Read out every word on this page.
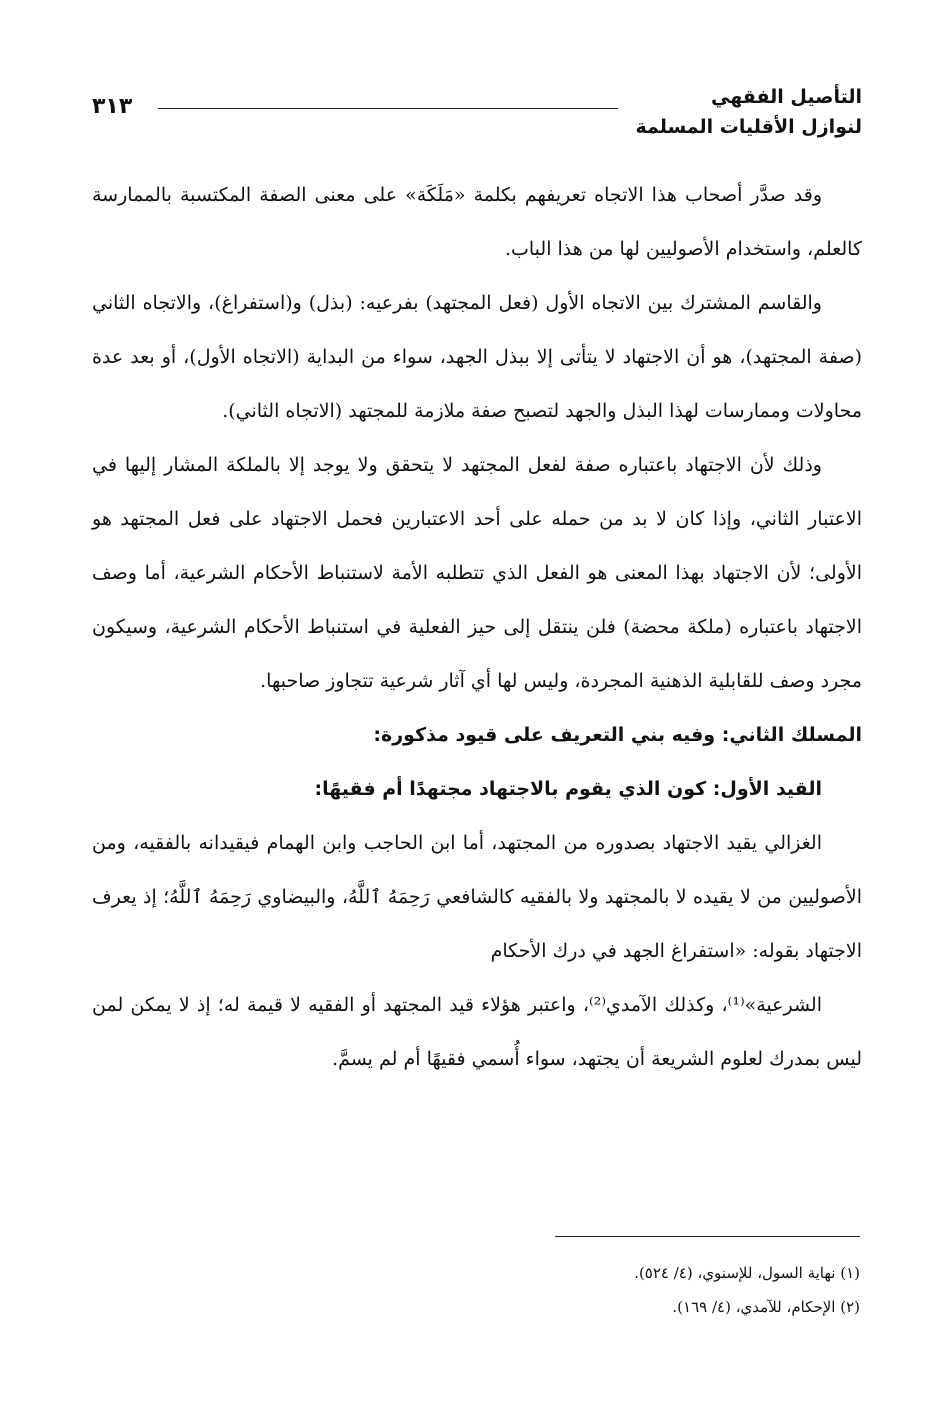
٣١٣	التأصيل الفقهي
لنوازل الأقليات المسلمة

وقد صدَّر أصحاب هذا الاتجاه تعريفهم بكلمة «مَلَكَة» على معنى الصفة المكتسبة بالممارسة كالعلم، واستخدام الأصوليين لها من هذا الباب.

والقاسم المشترك بين الاتجاه الأول (فعل المجتهد) بفرعيه: (بذل) و(استفراغ)، والاتجاه الثاني (صفة المجتهد)، هو أن الاجتهاد لا يتأتى إلا ببذل الجهد، سواء من البداية (الاتجاه الأول)، أو بعد عدة محاولات وممارسات لهذا البذل والجهد لتصبح صفة ملازمة للمجتهد (الاتجاه الثاني).

وذلك لأن الاجتهاد باعتباره صفة لفعل المجتهد لا يتحقق ولا يوجد إلا بالملكة المشار إليها في الاعتبار الثاني، وإذا كان لا بد من حمله على أحد الاعتبارين فحمل الاجتهاد على فعل المجتهد هو الأولى؛ لأن الاجتهاد بهذا المعنى هو الفعل الذي تتطلبه الأمة لاستنباط الأحكام الشرعية، أما وصف الاجتهاد باعتباره (ملكة محضة) فلن ينتقل إلى حيز الفعلية في استنباط الأحكام الشرعية، وسيكون مجرد وصف للقابلية الذهنية المجردة، وليس لها أي آثار شرعية تتجاوز صاحبها.

المسلك الثاني: وفيه بني التعريف على قيود مذكورة:
القيد الأول: كون الذي يقوم بالاجتهاد مجتهدًا أم فقيهًا:

الغزالي يقيد الاجتهاد بصدوره من المجتهد، أما ابن الحاجب وابن الهمام فيقيدانه بالفقيه، ومن الأصوليين من لا يقيده لا بالمجتهد ولا بالفقيه كالشافعي رَحِمَهُ ٱللَّهُ، والبيضاوي رَحِمَهُ ٱللَّهُ؛ إذ يعرف الاجتهاد بقوله: «استفراغ الجهد في درك الأحكام

الشرعية»⁽¹⁾، وكذلك الآمدي⁽²⁾، واعتبر هؤلاء قيد المجتهد أو الفقيه لا قيمة له؛ إذ لا يمكن لمن ليس بمدرك لعلوم الشريعة أن يجتهد، سواء أُسمي فقيهًا أم لم يسمَّ.

(١) نهاية السول، للإسنوي، (٤/ ٥٢٤).
(٢) الإحكام، للآمدي، (٤/ ١٦٩).
